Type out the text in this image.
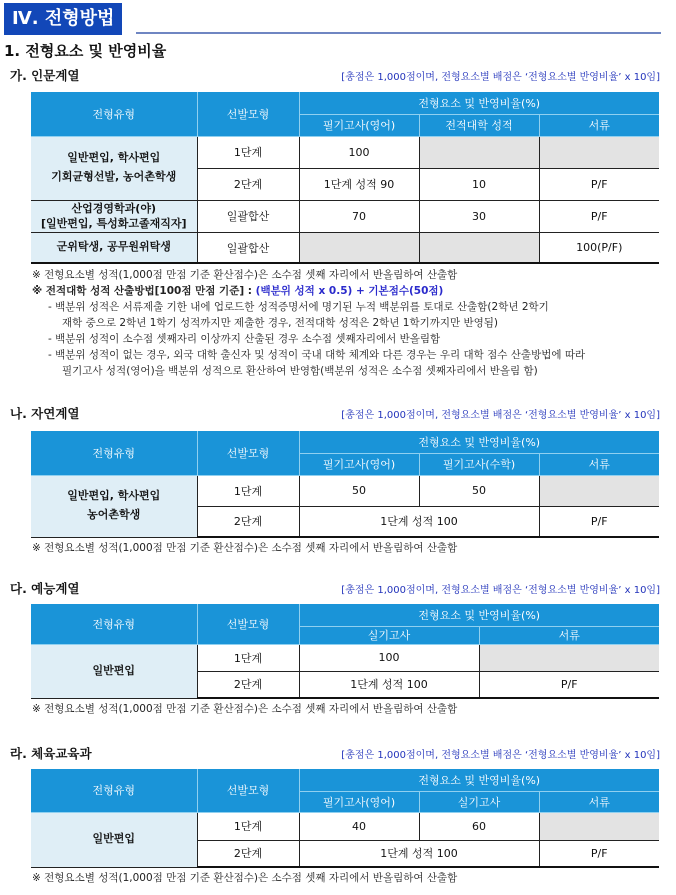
Ⅳ. 전형방법
1. 전형요소 및 반영비율
가. 인문계열	[총점은 1,000점이며, 전형요소별 배점은 ‘전형요소별 반영비율’ x 10임]
전형유형	선발모형	전형요소 및 반영비율(%)		
		필기고사(영어)	전적대학 성적	서류

일반편입, 학사편입
기회균형선발, 농어촌학생	1단계	100		
	2단계	1단계 성적 90	10	P/F

산업경영학과(야)
[일반편입, 특성화고졸재직자]	일괄합산	70	30	P/F
군위탁생, 공무원위탁생	일괄합산			100(P/F)
※ 전형요소별 성적(1,000점 만점 기준 환산점수)은 소수점 셋째 자리에서 반올림하여 산출함
※ 전적대학 성적 산출방법[100점 만점 기준] : (백분위 성적 x 0.5) + 기본점수(50점)
- 백분위 성적은 서류제출 기한 내에 업로드한 성적증명서에 명기된 누적 백분위를 토대로 산출함(2학년 2학기
재학 중으로 2학년 1학기 성적까지만 제출한 경우, 전적대학 성적은 2학년 1학기까지만 반영됨)
- 백분위 성적이 소수점 셋째자리 이상까지 산출된 경우 소수점 셋째자리에서 반올림함
- 백분위 성적이 없는 경우, 외국 대학 출신자 및 성적이 국내 대학 체계와 다른 경우는 우리 대학 점수 산출방법에 따라
필기고사 성적(영어)을 백분위 성적으로 환산하여 반영함(백분위 성적은 소수점 셋째자리에서 반올림 함)
나. 자연계열	[총점은 1,000점이며, 전형요소별 배점은 ‘전형요소별 반영비율’ x 10임]
전형유형	선발모형	전형요소 및 반영비율(%)		
		필기고사(영어)	필기고사(수학)	서류

일반편입, 학사편입
농어촌학생	1단계	50	50	
	2단계	1단계 성적 100		P/F
※ 전형요소별 성적(1,000점 만점 기준 환산점수)은 소수점 셋째 자리에서 반올림하여 산출함
다. 예능계열	[총점은 1,000점이며, 전형요소별 배점은 ‘전형요소별 반영비율’ x 10임]
전형유형	선발모형	전형요소 및 반영비율(%)	
		실기고사	서류
일반편입	1단계	100	
	2단계	1단계 성적 100	P/F
※ 전형요소별 성적(1,000점 만점 기준 환산점수)은 소수점 셋째 자리에서 반올림하여 산출함
라. 체육교육과	[총점은 1,000점이며, 전형요소별 배점은 ‘전형요소별 반영비율’ x 10임]
전형유형	선발모형	전형요소 및 반영비율(%)		
		필기고사(영어)	실기고사	서류
일반편입	1단계	40	60	
	2단계	1단계 성적 100		P/F
※ 전형요소별 성적(1,000점 만점 기준 환산점수)은 소수점 셋째 자리에서 반올림하여 산출함
